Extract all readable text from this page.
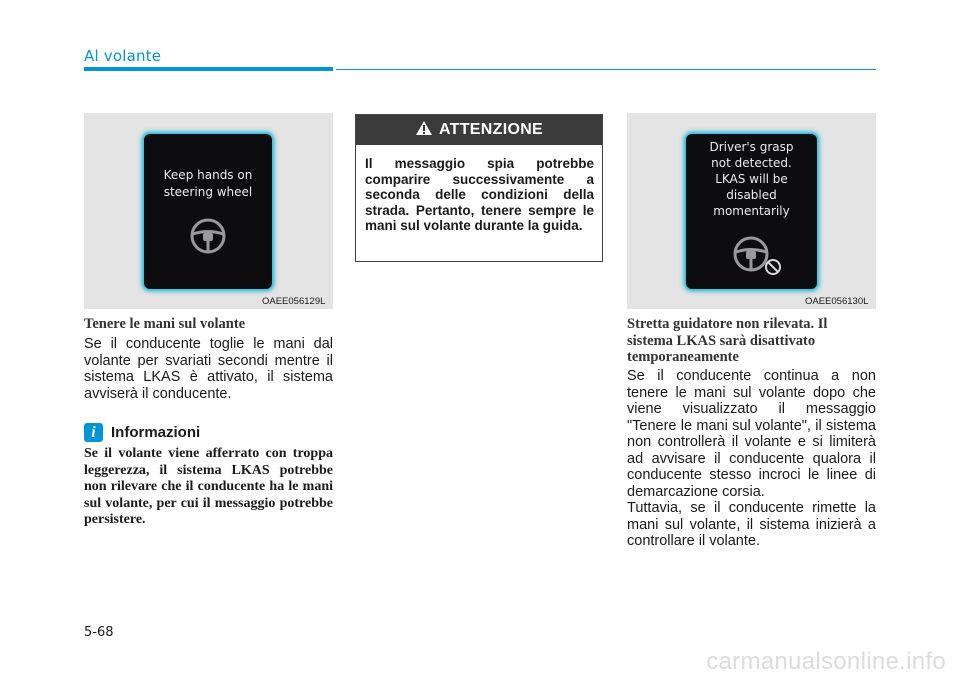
Al volante
Keep hands on
steering wheel
OAEE056129L
Tenere le mani sul volante
Se il conducente toglie le mani dal volante per svariati secondi mentre il sistema LKAS è attivato, il sistema avviserà il conducente.
i	Informazioni
Se il volante viene afferrato con troppa leggerezza, il sistema LKAS potrebbe non rilevare che il conducente ha le mani sul volante, per cui il messaggio potrebbe persistere.
ATTENZIONE
Il messaggio spia potrebbe comparire successivamente a seconda delle condizioni della strada. Pertanto, tenere sempre le mani sul volante durante la guida.
Driver's grasp
not detected.
LKAS will be
disabled
momentarily
OAEE056130L
Stretta guidatore non rilevata. Il sistema LKAS sarà disattivato temporaneamente
Se il conducente continua a non tenere le mani sul volante dopo che viene visualizzato il messaggio "Tenere le mani sul volante", il sistema non controllerà il volante e si limiterà ad avvisare il conducente qualora il conducente stesso incroci le linee di demarcazione corsia.
Tuttavia, se il conducente rimette la mani sul volante, il sistema inizierà a controllare il volante.
5-68
carmanualsonline.info
